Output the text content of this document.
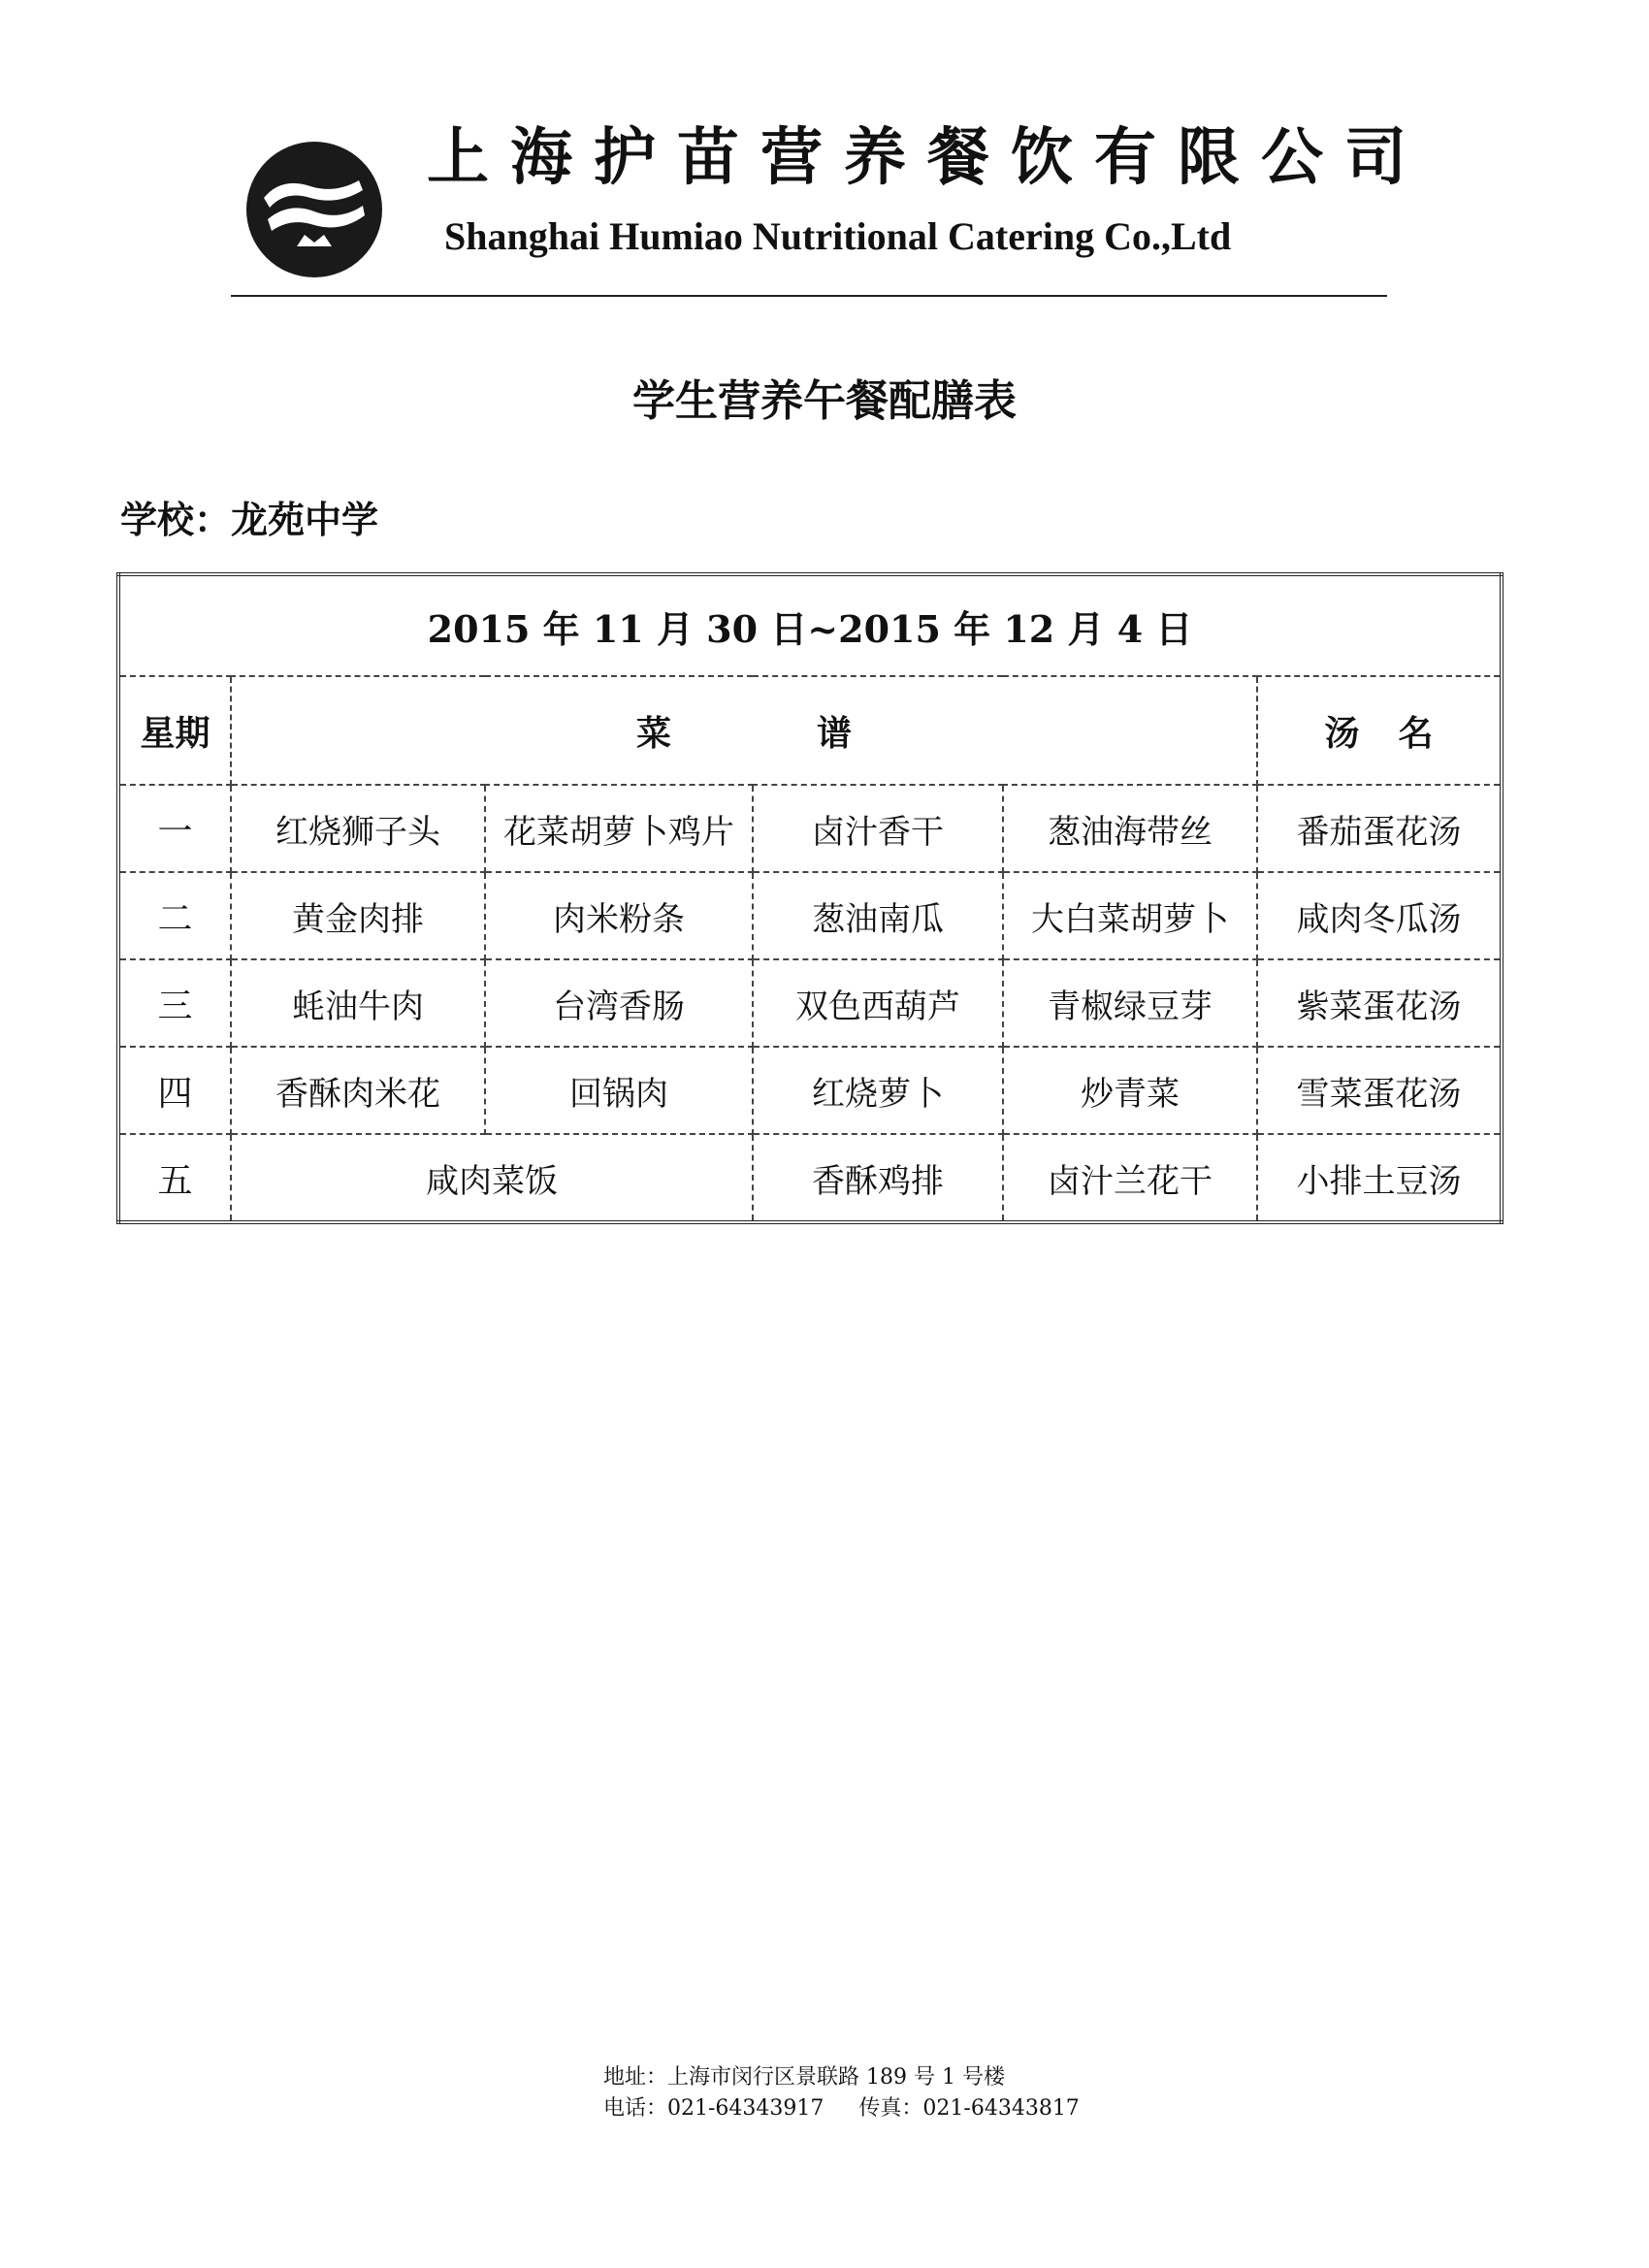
上海护苗营养餐饮有限公司
Shanghai Humiao Nutritional Catering Co.,Ltd
学生营养午餐配膳表
学校：龙苑中学
2015 年 11 月 30 日~2015 年 12 月 4 日					
星期	菜谱				汤名
一	红烧狮子头	花菜胡萝卜鸡片	卤汁香干	葱油海带丝	番茄蛋花汤
二	黄金肉排	肉米粉条	葱油南瓜	大白菜胡萝卜	咸肉冬瓜汤
三	蚝油牛肉	台湾香肠	双色西葫芦	青椒绿豆芽	紫菜蛋花汤
四	香酥肉米花	回锅肉	红烧萝卜	炒青菜	雪菜蛋花汤
五	咸肉菜饭		香酥鸡排	卤汁兰花干	小排土豆汤
地址：上海市闵行区景联路 189 号 1 号楼
电话：021-64343917 传真：021-64343817
